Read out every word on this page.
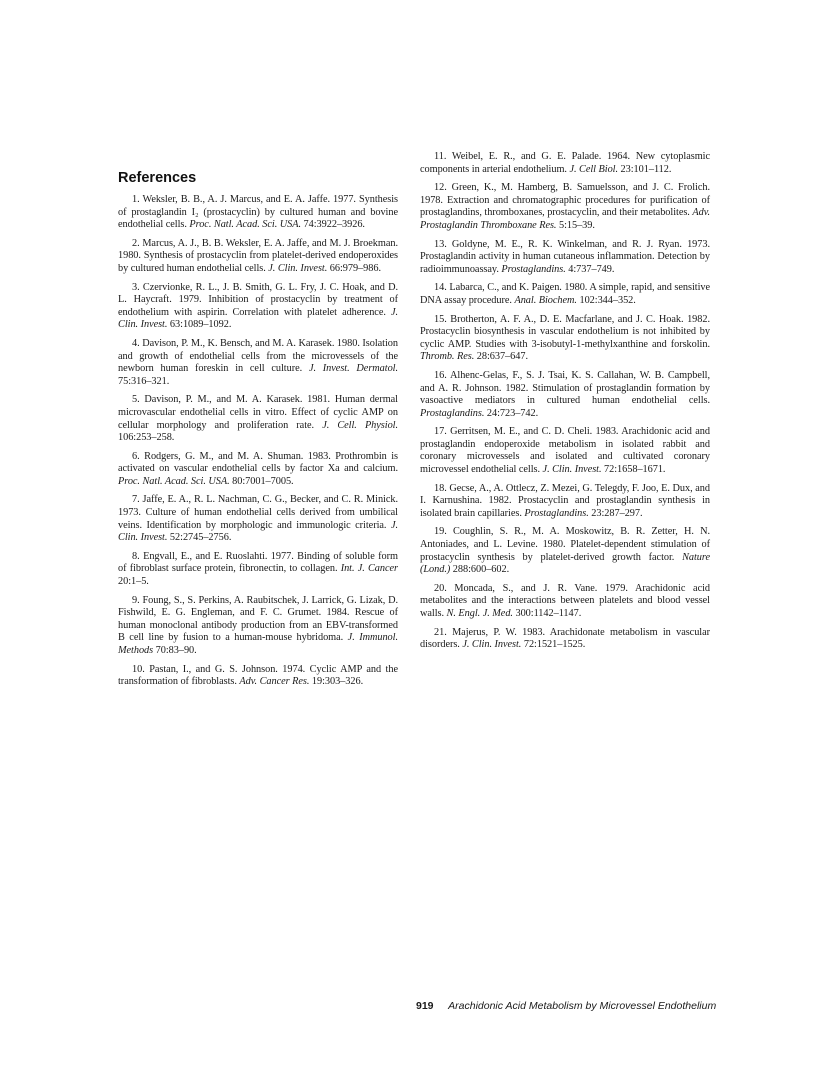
References
1. Weksler, B. B., A. J. Marcus, and E. A. Jaffe. 1977. Synthesis of prostaglandin I₂ (prostacyclin) by cultured human and bovine endothelial cells. Proc. Natl. Acad. Sci. USA. 74:3922–3926.
2. Marcus, A. J., B. B. Weksler, E. A. Jaffe, and M. J. Broekman. 1980. Synthesis of prostacyclin from platelet-derived endoperoxides by cultured human endothelial cells. J. Clin. Invest. 66:979–986.
3. Czervionke, R. L., J. B. Smith, G. L. Fry, J. C. Hoak, and D. L. Haycraft. 1979. Inhibition of prostacyclin by treatment of endothelium with aspirin. Correlation with platelet adherence. J. Clin. Invest. 63:1089–1092.
4. Davison, P. M., K. Bensch, and M. A. Karasek. 1980. Isolation and growth of endothelial cells from the microvessels of the newborn human foreskin in cell culture. J. Invest. Dermatol. 75:316–321.
5. Davison, P. M., and M. A. Karasek. 1981. Human dermal microvascular endothelial cells in vitro. Effect of cyclic AMP on cellular morphology and proliferation rate. J. Cell. Physiol. 106:253–258.
6. Rodgers, G. M., and M. A. Shuman. 1983. Prothrombin is activated on vascular endothelial cells by factor Xa and calcium. Proc. Natl. Acad. Sci. USA. 80:7001–7005.
7. Jaffe, E. A., R. L. Nachman, C. G., Becker, and C. R. Minick. 1973. Culture of human endothelial cells derived from umbilical veins. Identification by morphologic and immunologic criteria. J. Clin. Invest. 52:2745–2756.
8. Engvall, E., and E. Ruoslahti. 1977. Binding of soluble form of fibroblast surface protein, fibronectin, to collagen. Int. J. Cancer 20:1–5.
9. Foung, S., S. Perkins, A. Raubitschek, J. Larrick, G. Lizak, D. Fishwild, E. G. Engleman, and F. C. Grumet. 1984. Rescue of human monoclonal antibody production from an EBV-transformed B cell line by fusion to a human-mouse hybridoma. J. Immunol. Methods 70:83–90.
10. Pastan, I., and G. S. Johnson. 1974. Cyclic AMP and the transformation of fibroblasts. Adv. Cancer Res. 19:303–326.
11. Weibel, E. R., and G. E. Palade. 1964. New cytoplasmic components in arterial endothelium. J. Cell Biol. 23:101–112.
12. Green, K., M. Hamberg, B. Samuelsson, and J. C. Frolich. 1978. Extraction and chromatographic procedures for purification of prostaglandins, thromboxanes, prostacyclin, and their metabolites. Adv. Prostaglandin Thromboxane Res. 5:15–39.
13. Goldyne, M. E., R. K. Winkelman, and R. J. Ryan. 1973. Prostaglandin activity in human cutaneous inflammation. Detection by radioimmunoassay. Prostaglandins. 4:737–749.
14. Labarca, C., and K. Paigen. 1980. A simple, rapid, and sensitive DNA assay procedure. Anal. Biochem. 102:344–352.
15. Brotherton, A. F. A., D. E. Macfarlane, and J. C. Hoak. 1982. Prostacyclin biosynthesis in vascular endothelium is not inhibited by cyclic AMP. Studies with 3-isobutyl-1-methylxanthine and forskolin. Thromb. Res. 28:637–647.
16. Alhenc-Gelas, F., S. J. Tsai, K. S. Callahan, W. B. Campbell, and A. R. Johnson. 1982. Stimulation of prostaglandin formation by vasoactive mediators in cultured human endothelial cells. Prostaglandins. 24:723–742.
17. Gerritsen, M. E., and C. D. Cheli. 1983. Arachidonic acid and prostaglandin endoperoxide metabolism in isolated rabbit and coronary microvessels and isolated and cultivated coronary microvessel endothelial cells. J. Clin. Invest. 72:1658–1671.
18. Gecse, A., A. Ottlecz, Z. Mezei, G. Telegdy, F. Joo, E. Dux, and I. Karnushina. 1982. Prostacyclin and prostaglandin synthesis in isolated brain capillaries. Prostaglandins. 23:287–297.
19. Coughlin, S. R., M. A. Moskowitz, B. R. Zetter, H. N. Antoniades, and L. Levine. 1980. Platelet-dependent stimulation of prostacyclin synthesis by platelet-derived growth factor. Nature (Lond.) 288:600–602.
20. Moncada, S., and J. R. Vane. 1979. Arachidonic acid metabolites and the interactions between platelets and blood vessel walls. N. Engl. J. Med. 300:1142–1147.
21. Majerus, P. W. 1983. Arachidonate metabolism in vascular disorders. J. Clin. Invest. 72:1521–1525.
919 Arachidonic Acid Metabolism by Microvessel Endothelium
